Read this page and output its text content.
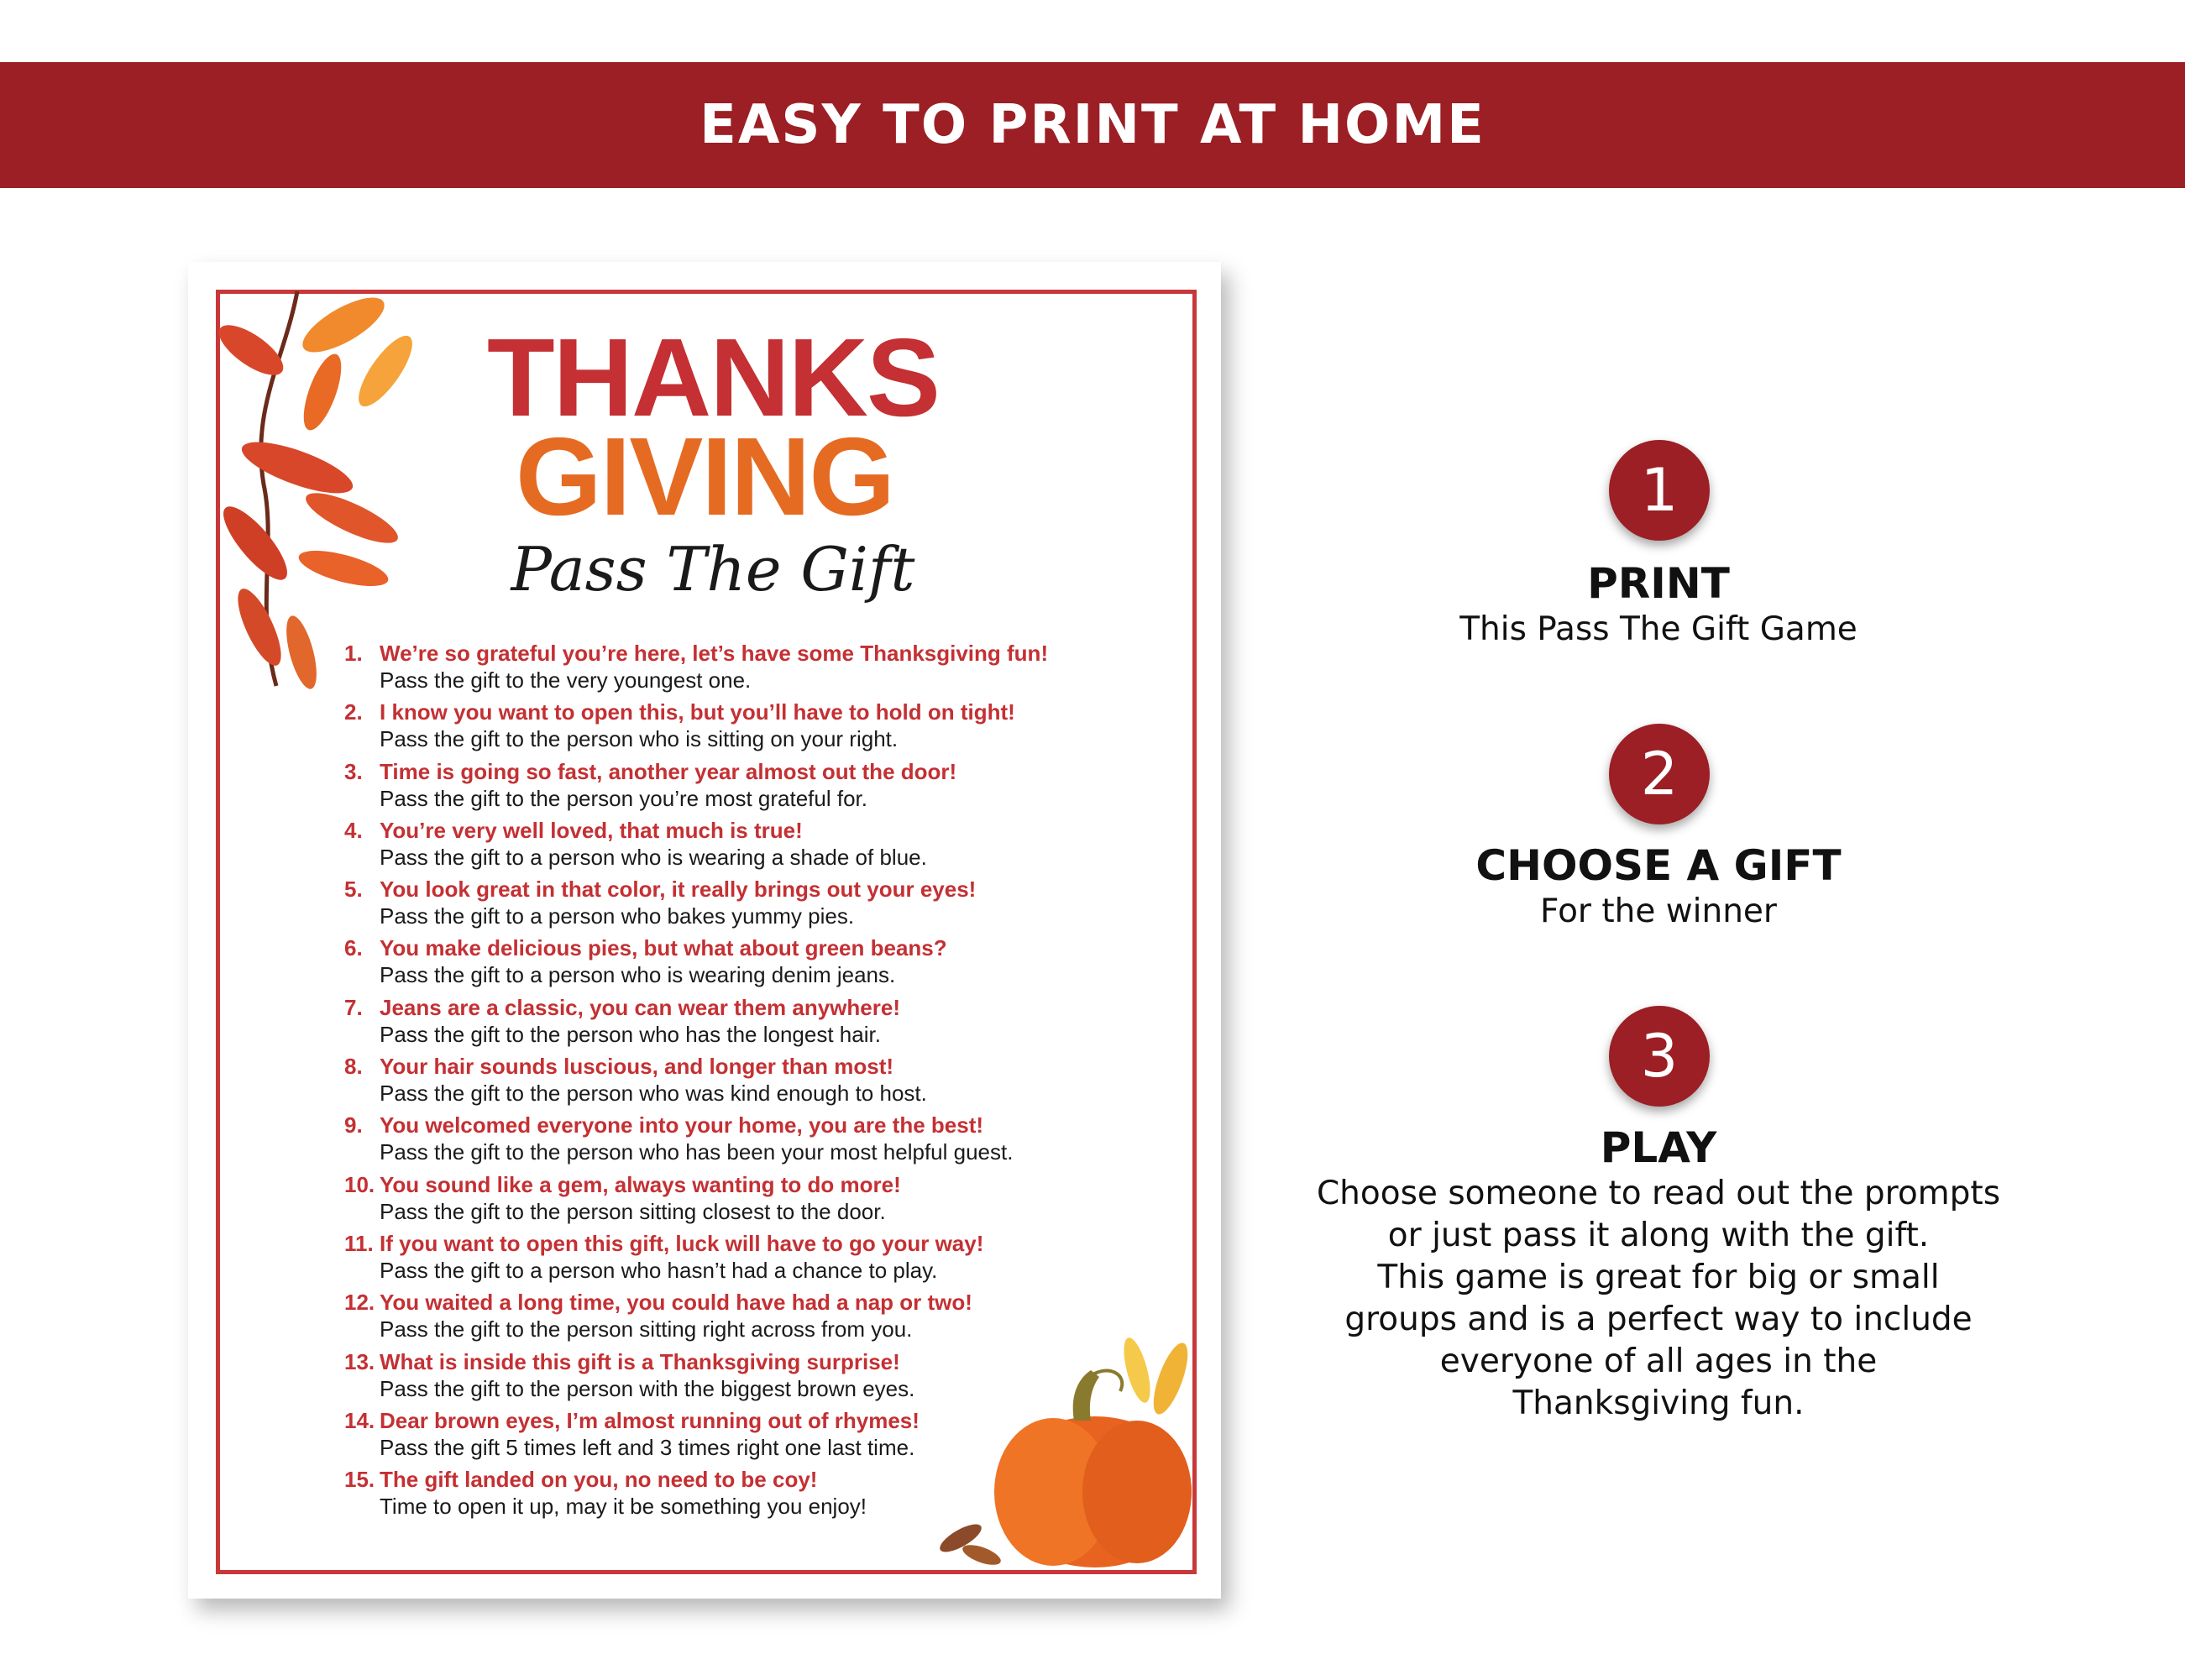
EASY TO PRINT AT HOME
THANKS
GIVING
Pass The Gift
1. We’re so grateful you’re here, let’s have some Thanksgiving fun!
Pass the gift to the very youngest one.
2. I know you want to open this, but you’ll have to hold on tight!
Pass the gift to the person who is sitting on your right.
3. Time is going so fast, another year almost out the door!
Pass the gift to the person you’re most grateful for.
4. You’re very well loved, that much is true!
Pass the gift to a person who is wearing a shade of blue.
5. You look great in that color, it really brings out your eyes!
Pass the gift to a person who bakes yummy pies.
6. You make delicious pies, but what about green beans?
Pass the gift to a person who is wearing denim jeans.
7. Jeans are a classic, you can wear them anywhere!
Pass the gift to the person who has the longest hair.
8. Your hair sounds luscious, and longer than most!
Pass the gift to the person who was kind enough to host.
9. You welcomed everyone into your home, you are the best!
Pass the gift to the person who has been your most helpful guest.
10. You sound like a gem, always wanting to do more!
Pass the gift to the person sitting closest to the door.
11. If you want to open this gift, luck will have to go your way!
Pass the gift to a person who hasn’t had a chance to play.
12. You waited a long time, you could have had a nap or two!
Pass the gift to the person sitting right across from you.
13. What is inside this gift is a Thanksgiving surprise!
Pass the gift to the person with the biggest brown eyes.
14. Dear brown eyes, I’m almost running out of rhymes!
Pass the gift 5 times left and 3 times right one last time.
15. The gift landed on you, no need to be coy!
Time to open it up, may it be something you enjoy!
1
PRINT
This Pass The Gift Game
2
CHOOSE A GIFT
For the winner
3
PLAY
Choose someone to read out the prompts
or just pass it along with the gift.
This game is great for big or small
groups and is a perfect way to include
everyone of all ages in the
Thanksgiving fun.
